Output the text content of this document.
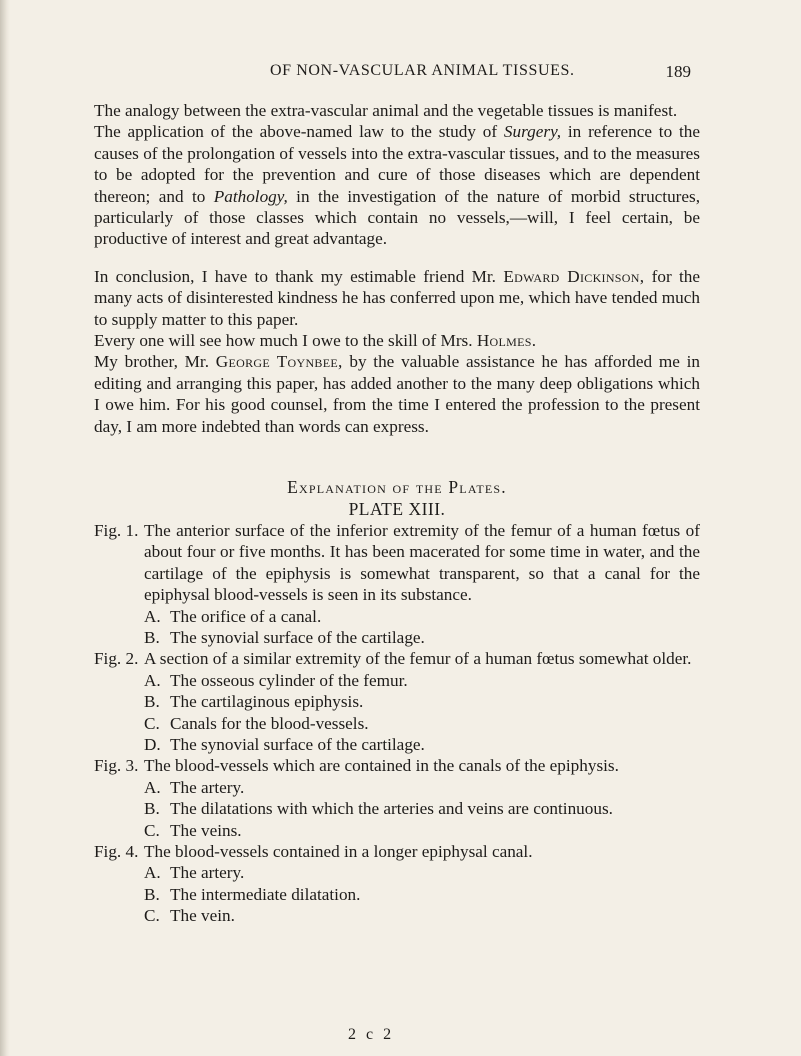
OF NON-VASCULAR ANIMAL TISSUES.	189

The analogy between the extra-vascular animal and the vegetable tissues is manifest.

The application of the above-named law to the study of Surgery, in reference to the causes of the prolongation of vessels into the extra-vascular tissues, and to the measures to be adopted for the prevention and cure of those diseases which are dependent thereon; and to Pathology, in the investigation of the nature of morbid structures, particularly of those classes which contain no vessels,—will, I feel certain, be productive of interest and great advantage.

In conclusion, I have to thank my estimable friend Mr. Edward Dickinson, for the many acts of disinterested kindness he has conferred upon me, which have tended much to supply matter to this paper.

Every one will see how much I owe to the skill of Mrs. Holmes.

My brother, Mr. George Toynbee, by the valuable assistance he has afforded me in editing and arranging this paper, has added another to the many deep obligations which I owe him. For his good counsel, from the time I entered the profession to the present day, I am more indebted than words can express.

Explanation of the Plates.

PLATE XIII.

Fig. 1. The anterior surface of the inferior extremity of the femur of a human fœtus of about four or five months. It has been macerated for some time in water, and the cartilage of the epiphysis is somewhat transparent, so that a canal for the epiphysal blood-vessels is seen in its substance.
A. The orifice of a canal.
B. The synovial surface of the cartilage.
Fig. 2. A section of a similar extremity of the femur of a human fœtus somewhat older.
A. The osseous cylinder of the femur.
B. The cartilaginous epiphysis.
C. Canals for the blood-vessels.
D. The synovial surface of the cartilage.
Fig. 3. The blood-vessels which are contained in the canals of the epiphysis.
A. The artery.
B. The dilatations with which the arteries and veins are continuous.
C. The veins.
Fig. 4. The blood-vessels contained in a longer epiphysal canal.
A. The artery.
B. The intermediate dilatation.
C. The vein.
2 c 2
